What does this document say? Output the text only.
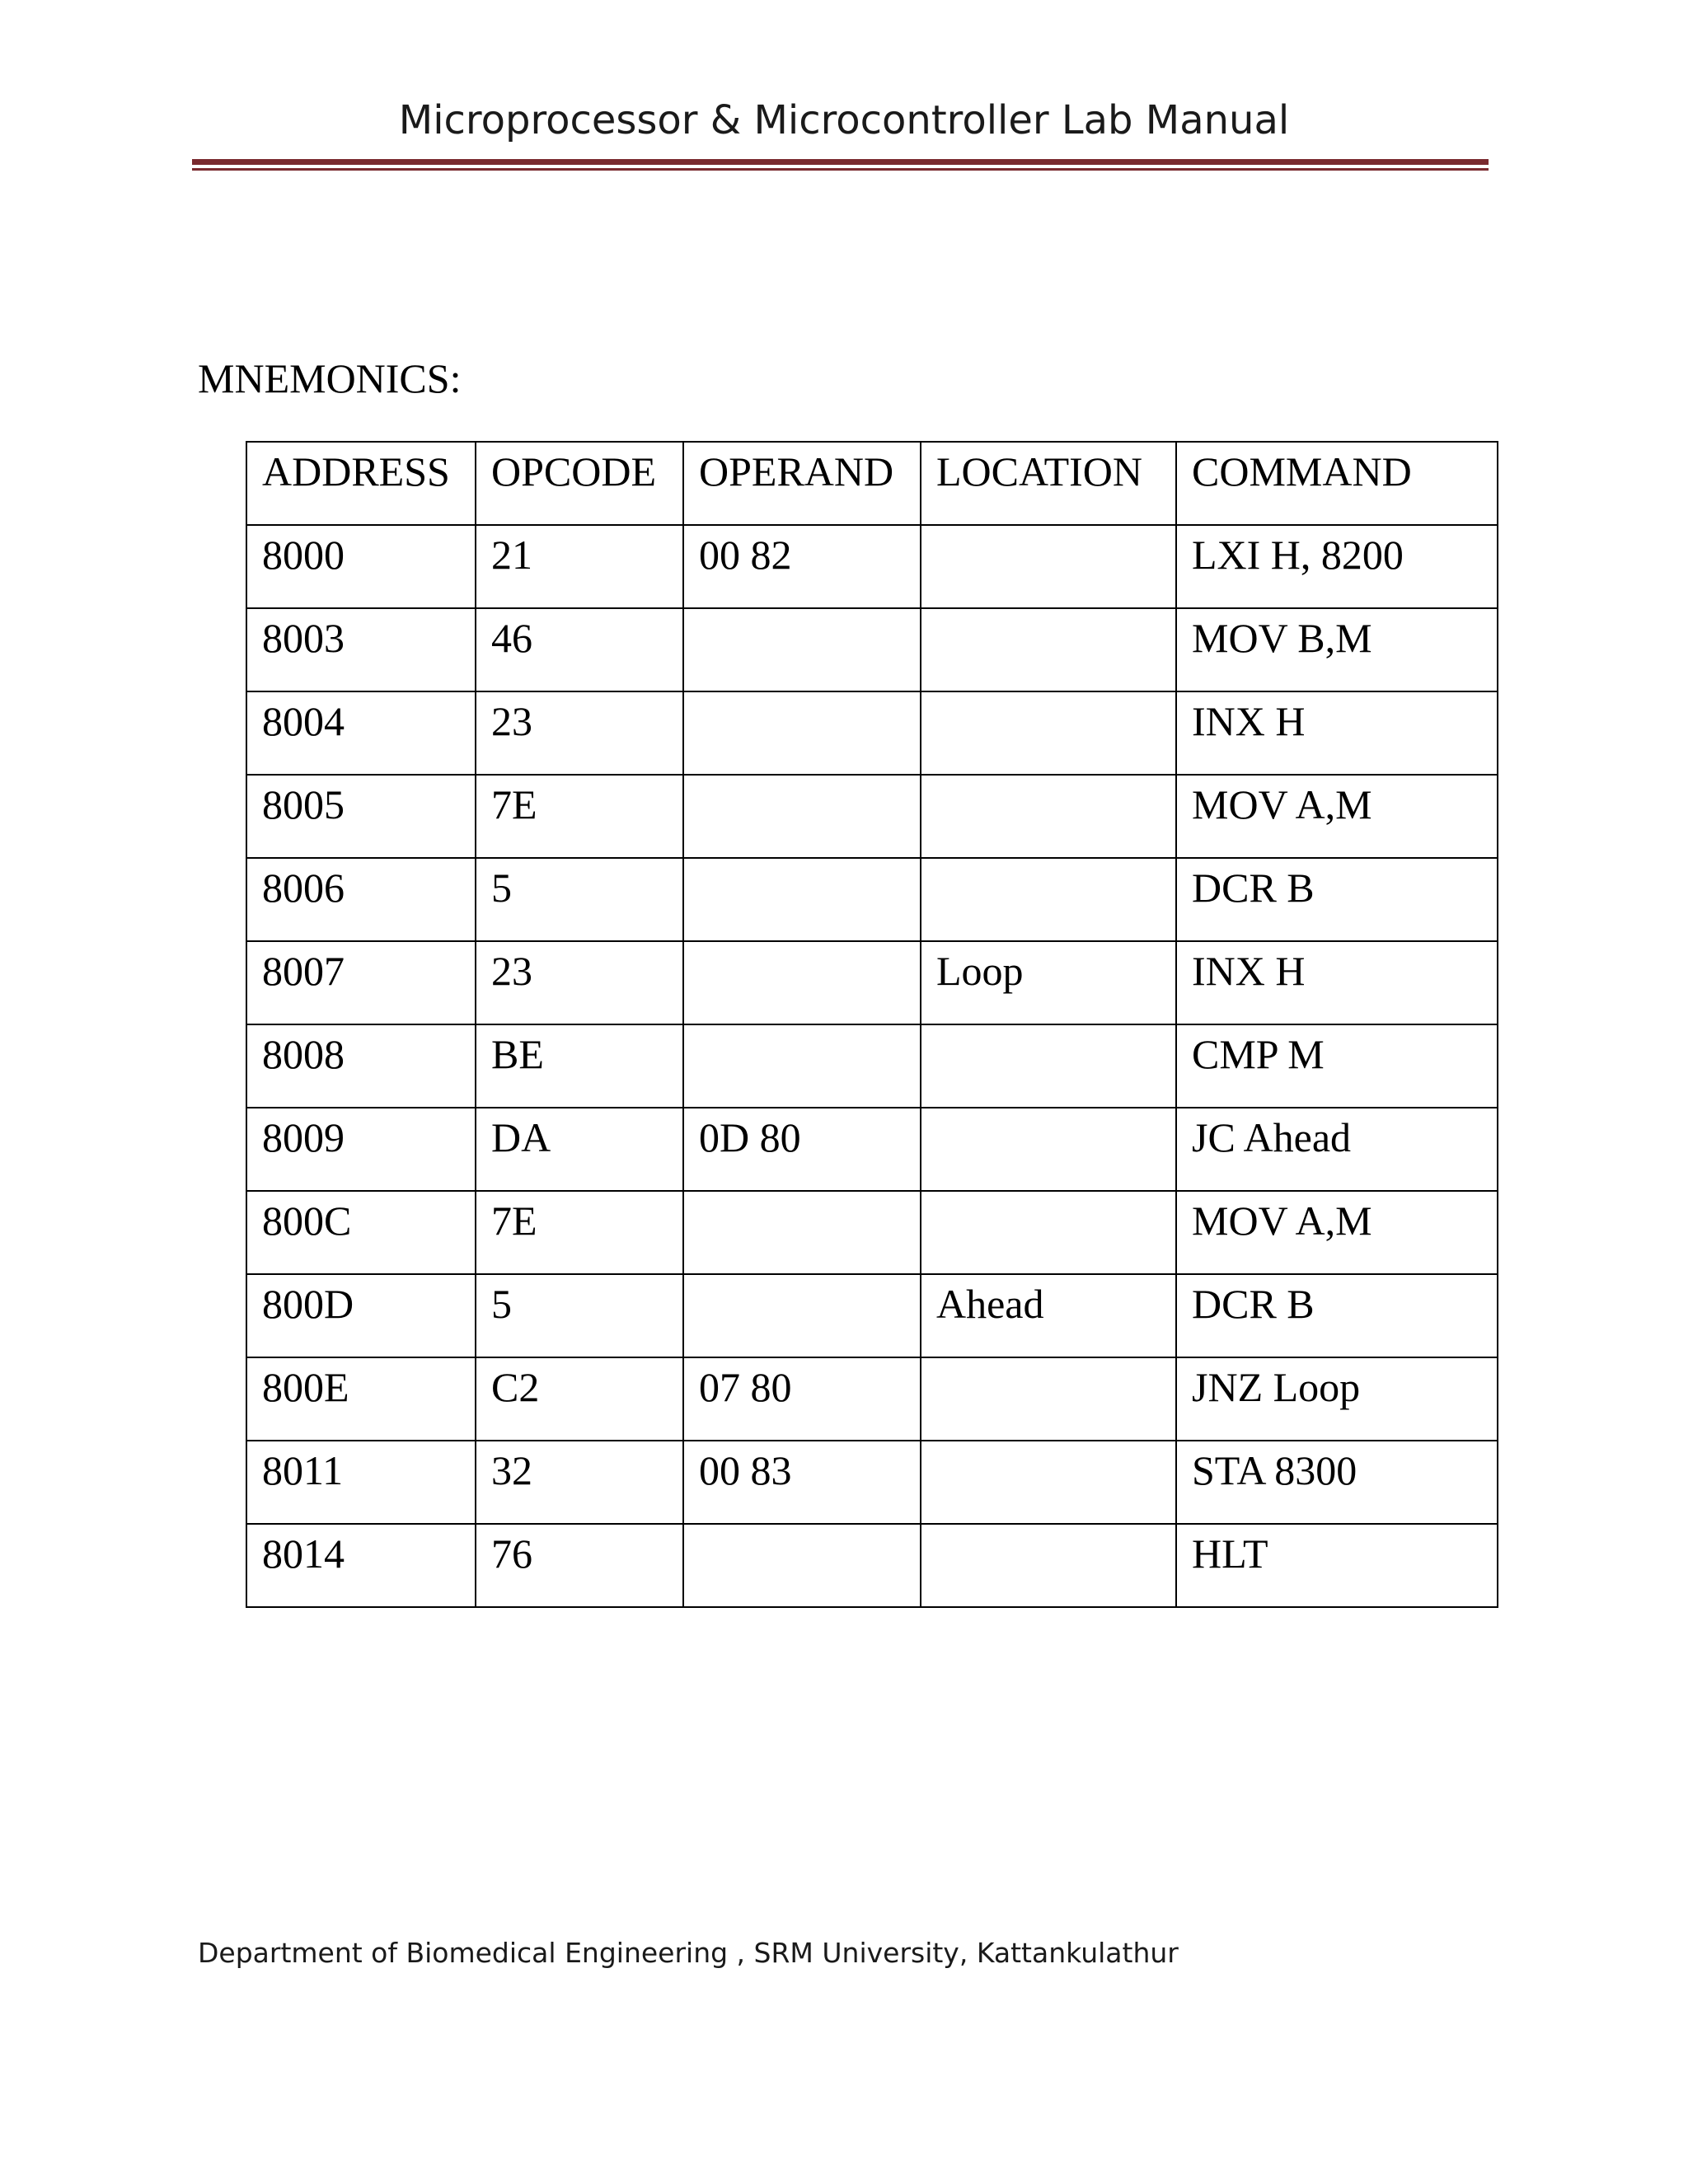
Microprocessor & Microcontroller Lab Manual
MNEMONICS:
ADDRESS	OPCODE	OPERAND	LOCATION	COMMAND
8000	21	00 82		LXI H, 8200
8003	46			MOV B,M
8004	23			INX H
8005	7E			MOV A,M
8006	5			DCR B
8007	23		Loop	INX H
8008	BE			CMP M
8009	DA	0D 80		JC Ahead
800C	7E			MOV A,M
800D	5		Ahead	DCR B
800E	C2	07 80		JNZ Loop
8011	32	00 83		STA 8300
8014	76			HLT
Department of Biomedical Engineering , SRM University, Kattankulathur
